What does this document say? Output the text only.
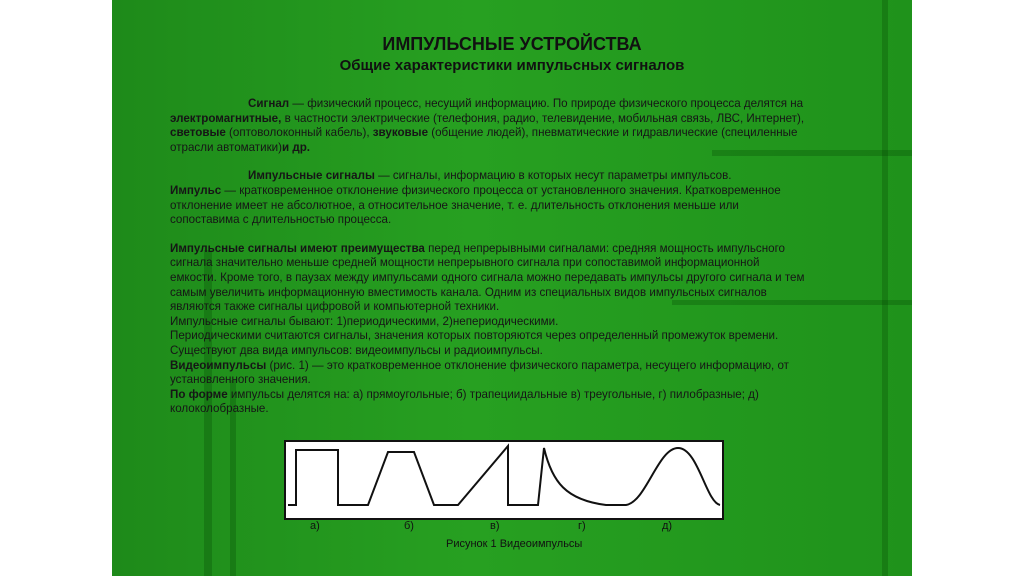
ИМПУЛЬСНЫЕ УСТРОЙСТВА
Общие характеристики импульсных сигналов

Сигнал — физический процесс, несущий информацию. По природе физического процесса делятся на

электромагнитные, в частности электрические (телефония, радио, телевидение, мобильная связь, ЛВС, Интернет),

световые (оптоволоконный кабель), звуковые (общение людей), пневматические и гидравлические (специленные

отрасли автоматики)и др.

Импульсные сигналы — сигналы, информацию в которых несут параметры импульсов.

Импульс — кратковременное отклонение физического процесса от установленного значения. Кратковременное

отклонение имеет не абсолютное, а относительное значение, т. е. длительность отклонения меньше или

сопоставима с длительностью процесса.

Импульсные сигналы имеют преимущества перед непрерывными сигналами: средняя мощность импульсного

сигнала значительно меньше средней мощности непрерывного сигнала при сопоставимой информационной

емкости. Кроме того, в паузах между импульсами одного сигнала можно передавать импульсы другого сигнала и тем

самым увеличить информационную вместимость канала. Одним из специальных видов импульсных сигналов

являются также сигналы цифровой и компьютерной техники.

Импульсные сигналы бывают: 1)периодическими, 2)непериодическими.

Периодическими считаются сигналы, значения которых повторяются через определенный промежуток времени.

Существуют два вида импульсов: видеоимпульсы и радиоимпульсы.

Видеоимпульсы (рис. 1) — это кратковременное отклонение физического параметра, несущего информацию, от

установленного значения.

По форме импульсы делятся на: а) прямоугольные; б) трапециидальные в) треугольные, г) пилобразные; д)

колоколобразные.

а)	б)	в)	г)	д)
Рисунок 1 Видеоимпульсы
